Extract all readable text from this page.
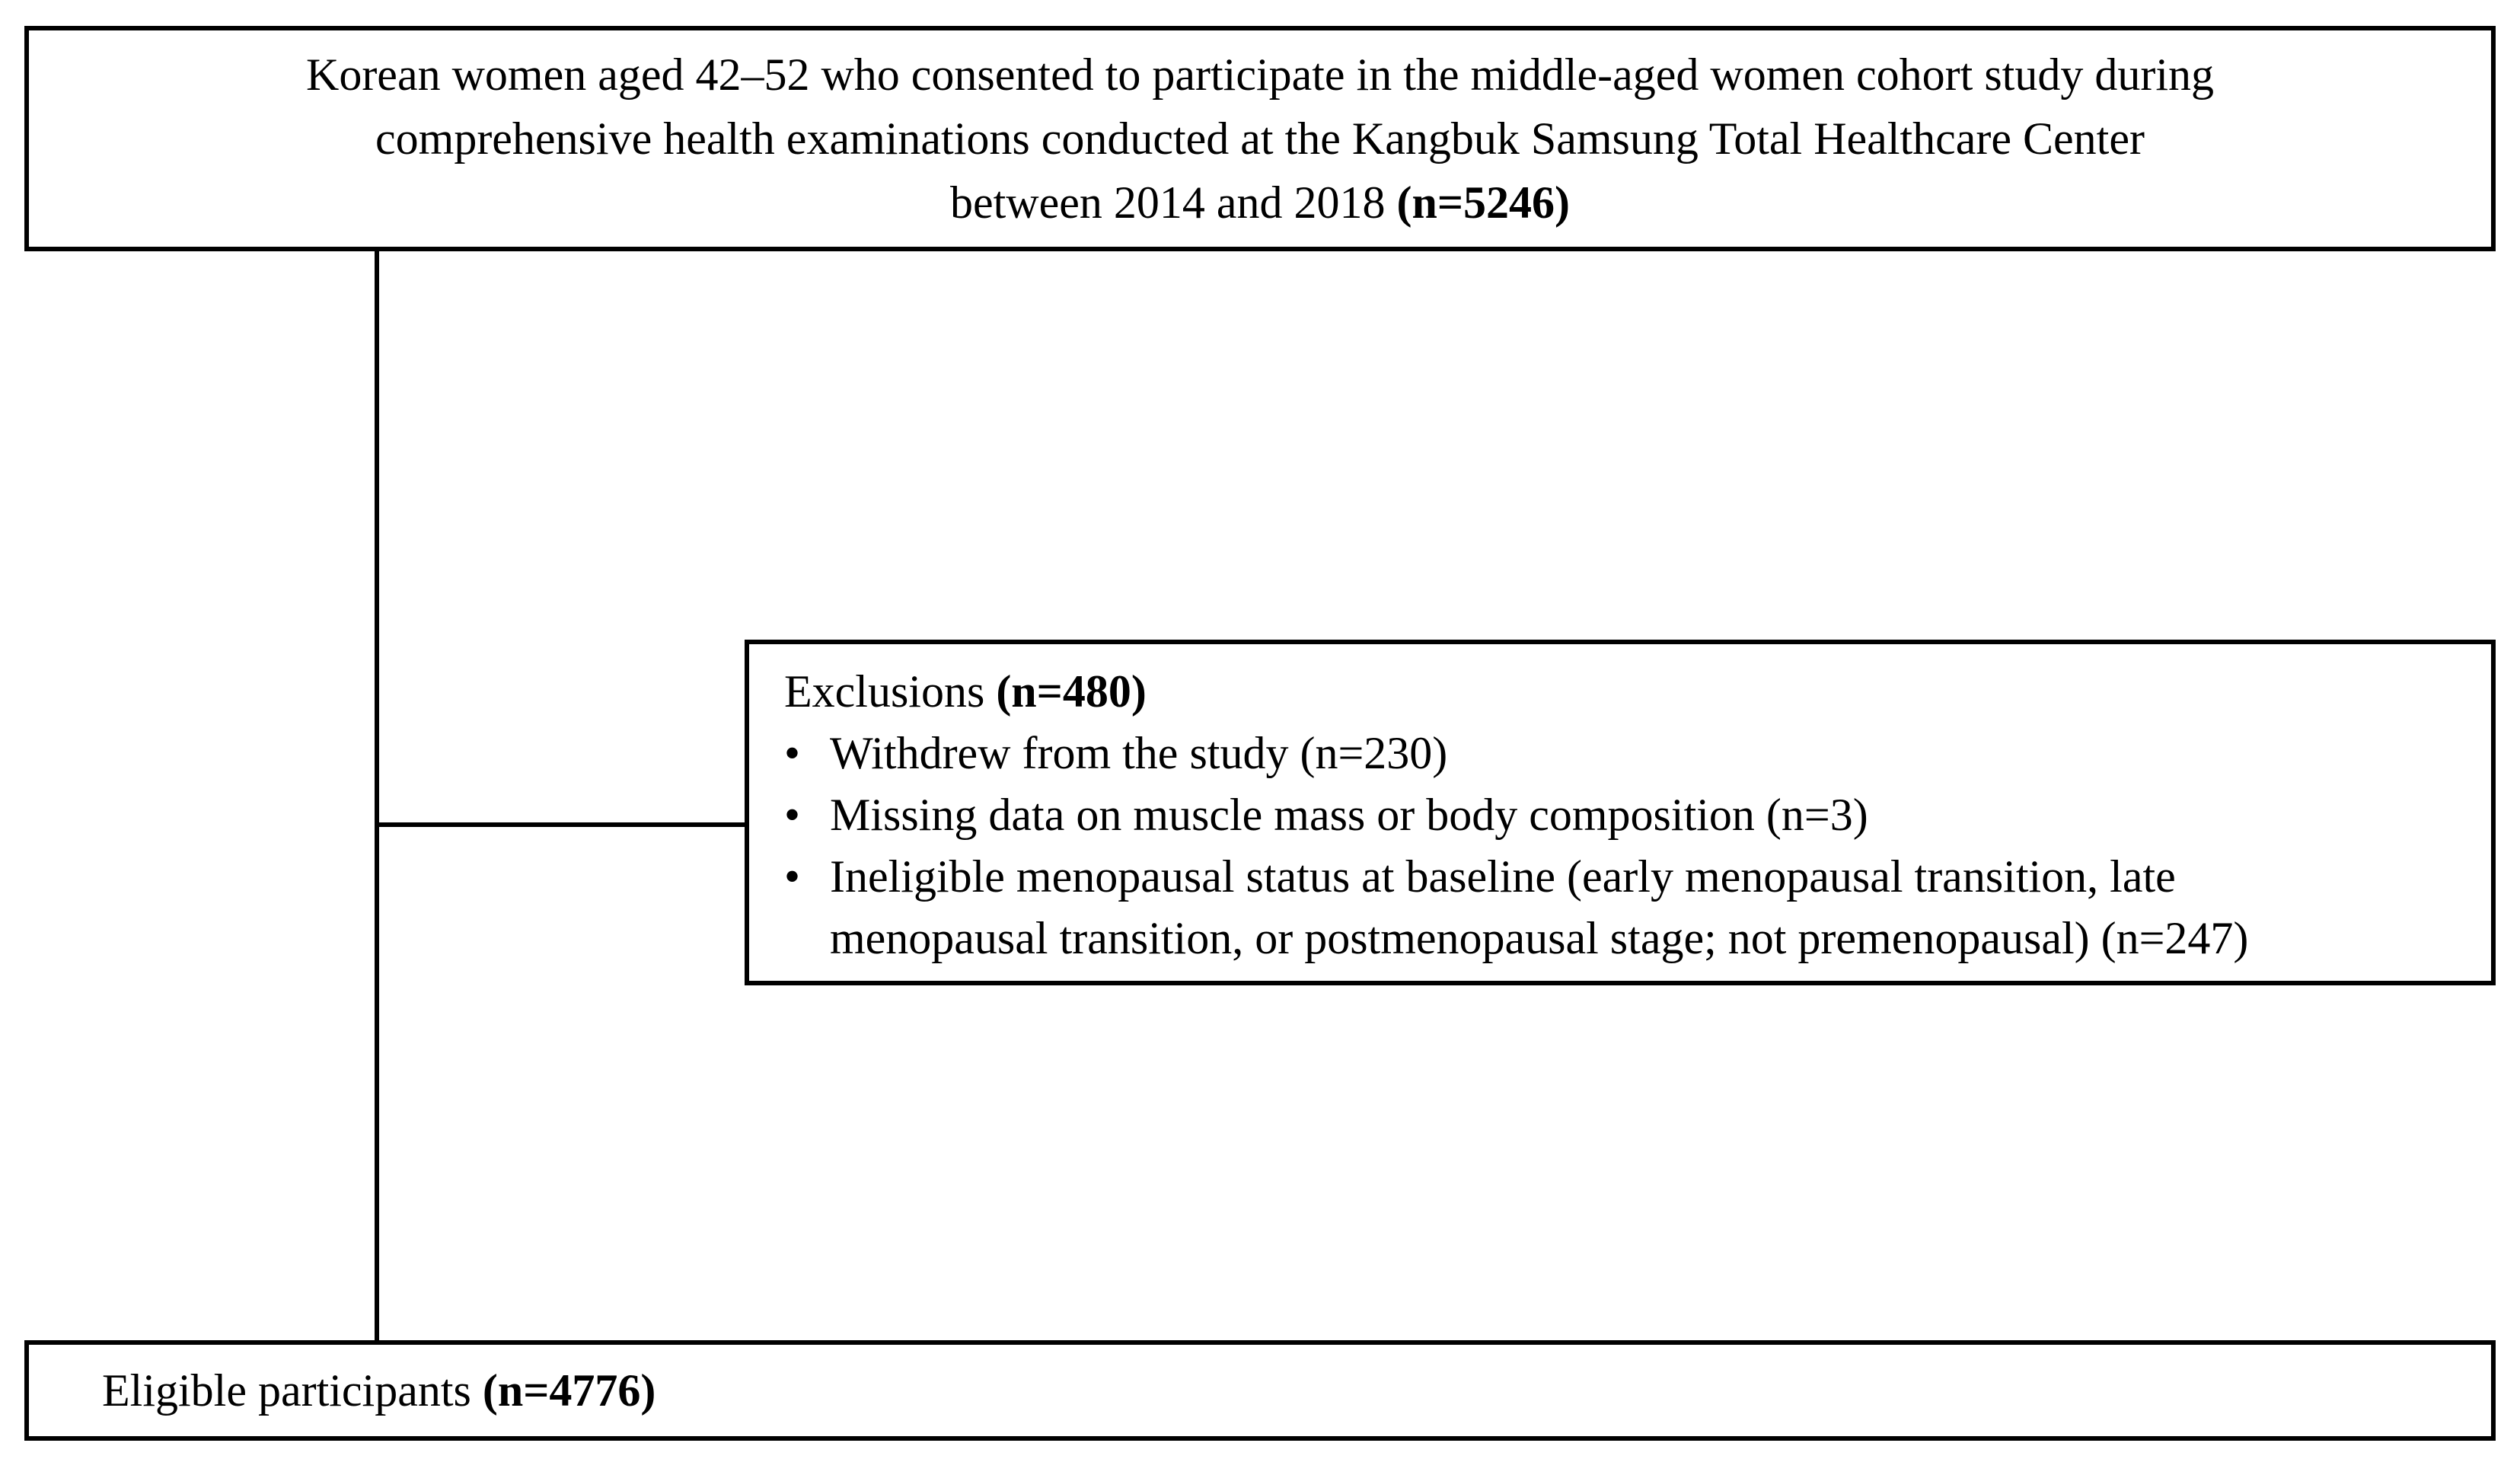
Korean women aged 42–52 who consented to participate in the middle-aged women cohort study during
comprehensive health examinations conducted at the Kangbuk Samsung Total Healthcare Center
between 2014 and 2018 (n=5246)
Exclusions (n=480)
• Withdrew from the study (n=230)
• Missing data on muscle mass or body composition (n=3)
• Ineligible menopausal status at baseline (early menopausal transition, late
menopausal transition, or postmenopausal stage; not premenopausal) (n=247)
Eligible participants (n=4776)
